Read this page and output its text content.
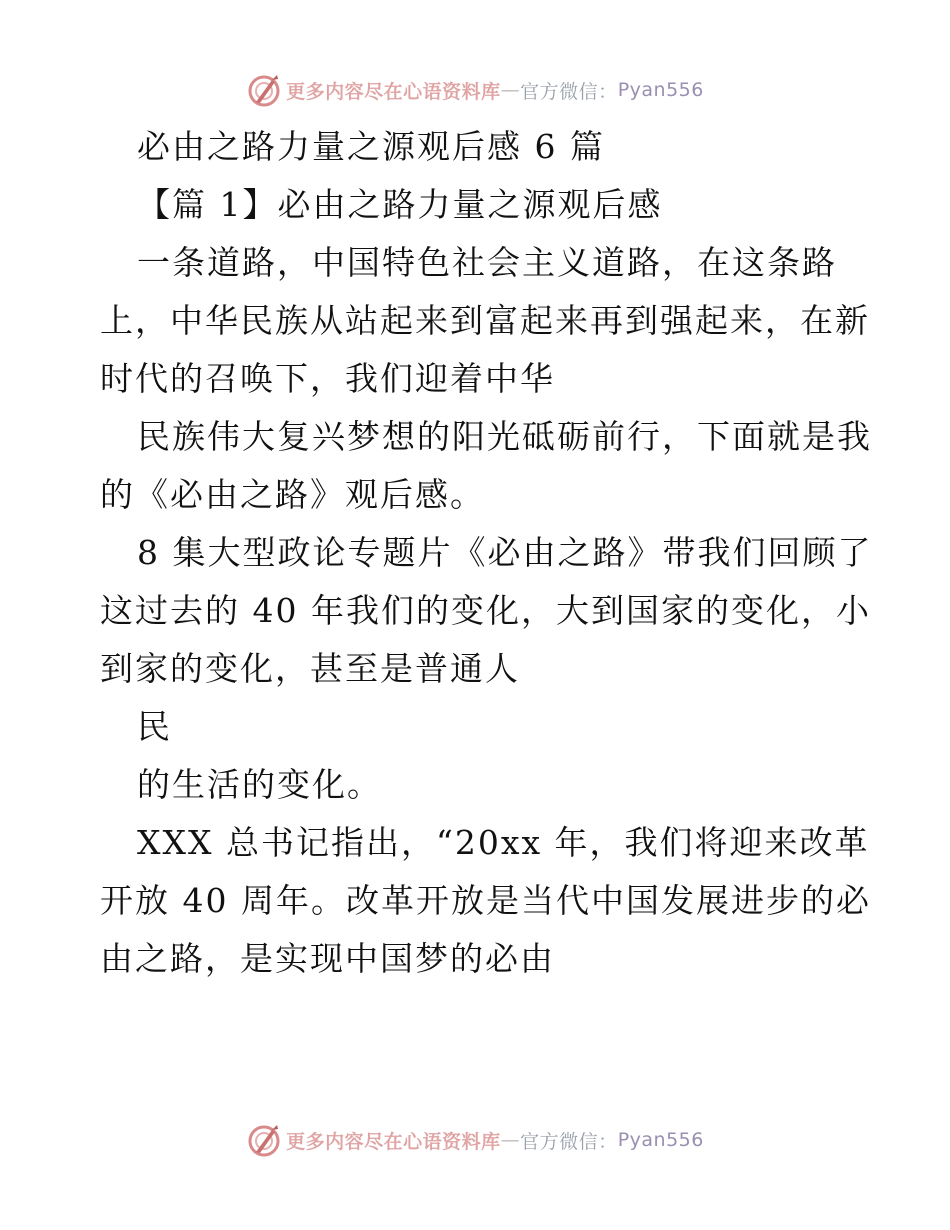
更多内容尽在心语资料库 — 官方微信： Pyan556
必由之路力量之源观后感 6 篇
【篇 1】必由之路力量之源观后感
一条道路，中国特色社会主义道路，在这条路
上，中华民族从站起来到富起来再到强起来，在新
时代的召唤下，我们迎着中华
民族伟大复兴梦想的阳光砥砺前行，下面就是我
的《必由之路》观后感。
8 集大型政论专题片《必由之路》带我们回顾了
这过去的 40 年我们的变化，大到国家的变化，小
到家的变化，甚至是普通人
民
的生活的变化。
XXX 总书记指出，“20xx 年，我们将迎来改革
开放 40 周年。改革开放是当代中国发展进步的必
由之路，是实现中国梦的必由
更多内容尽在心语资料库 — 官方微信： Pyan556
